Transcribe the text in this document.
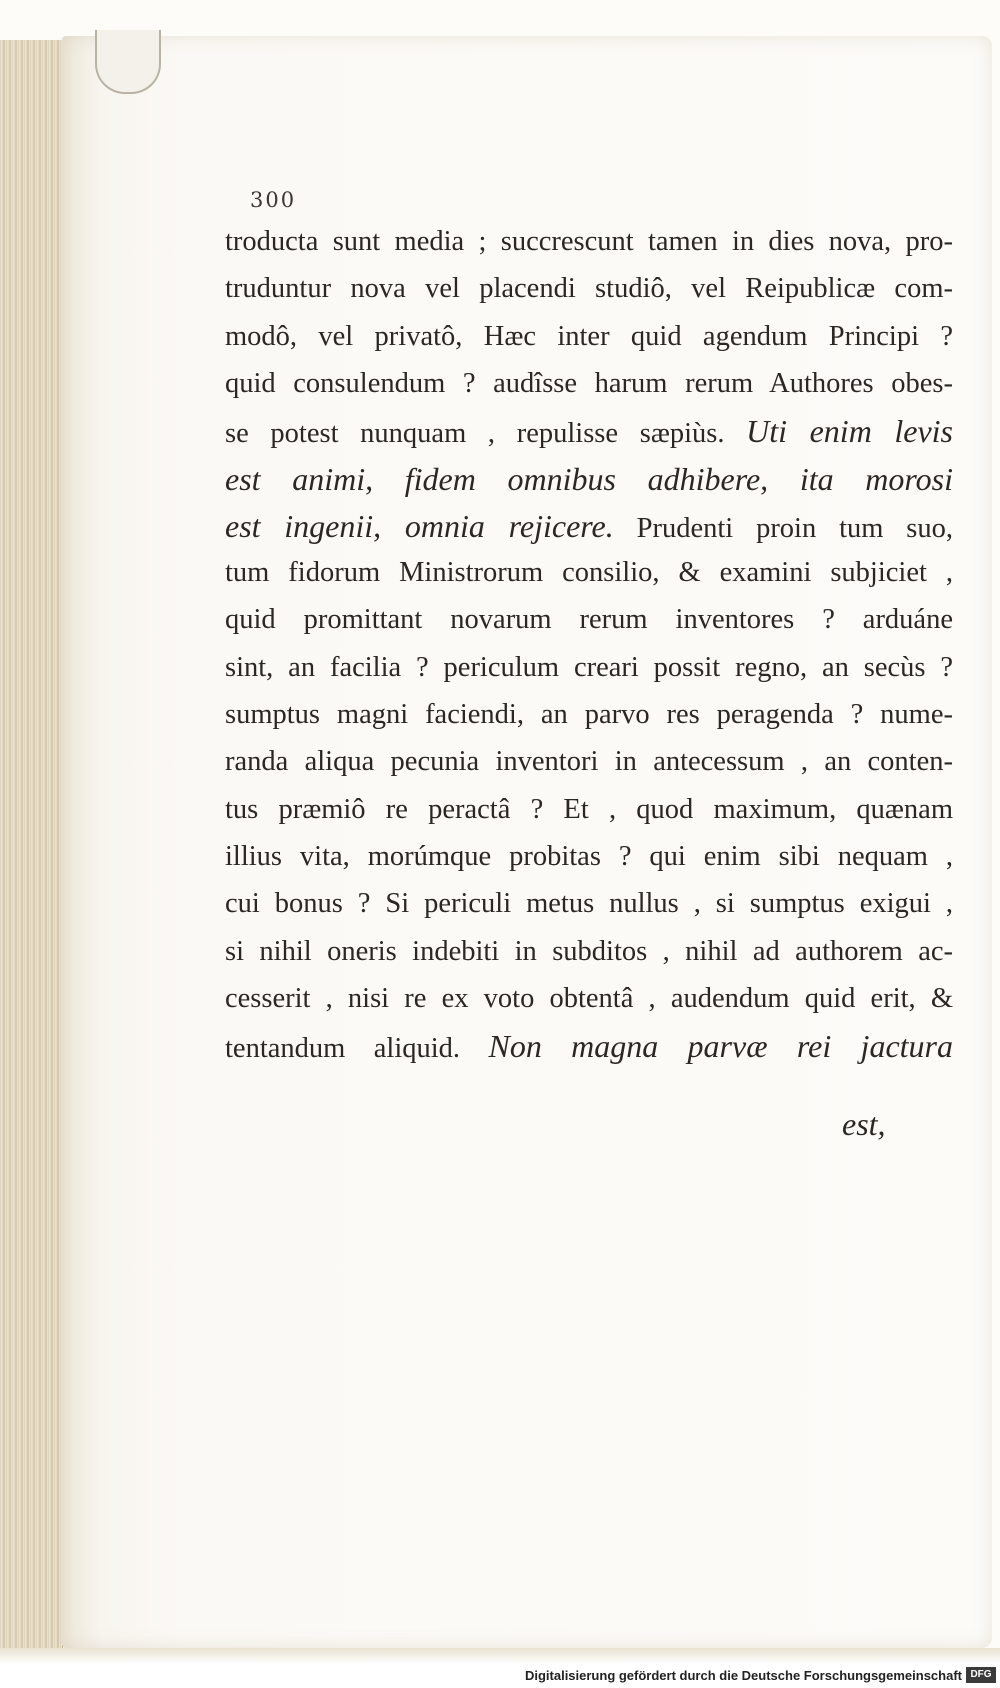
300
troducta sunt media ; succrescunt tamen in dies nova, pro-
truduntur nova vel placendi studiô, vel Reipublicæ com-
modô, vel privatô, Hæc inter quid agendum Principi ?
quid consulendum ? audîsse harum rerum Authores obes-
se potest nunquam , repulisse sæpiùs. Uti enim levis
est animi, fidem omnibus adhibere, ita morosi
est ingenii, omnia rejicere. Prudenti proin tum suo,
tum fidorum Ministrorum consilio, & examini subjiciet ,
quid promittant novarum rerum inventores ? arduáne
sint, an facilia ? periculum creari possit regno, an secùs ?
sumptus magni faciendi, an parvo res peragenda ? nume-
randa aliqua pecunia inventori in antecessum , an conten-
tus præmiô re peractâ ? Et , quod maximum, quænam
illius vita, morúmque probitas ? qui enim sibi nequam ,
cui bonus ? Si periculi metus nullus , si sumptus exigui ,
si nihil oneris indebiti in subditos , nihil ad authorem ac-
cesserit , nisi re ex voto obtentâ , audendum quid erit, &
tentandum aliquid. Non magna parvæ rei jactura
est,
Digitalisierung gefördert durch die Deutsche Forschungsgemeinschaft DFG
